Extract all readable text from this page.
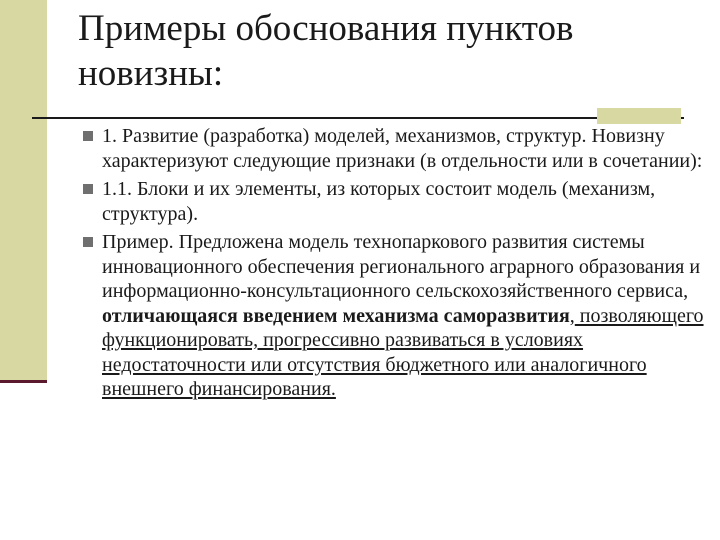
Примеры обоснования пунктов новизны:
1. Развитие (разработка) моделей, механизмов, структур. Новизну характеризуют следующие признаки (в отдельности или в сочетании):
1.1. Блоки и их элементы, из которых состоит модель (механизм, структура).
Пример. Предложена модель технопаркового развития системы инновационного обеспечения регионального аграрного образования и информационно-консультационного сельскохозяйственного сервиса, отличающаяся введением механизма саморазвития, позволяющего функционировать, прогрессивно развиваться в условиях недостаточности или отсутствия бюджетного или аналогичного внешнего финансирования.
